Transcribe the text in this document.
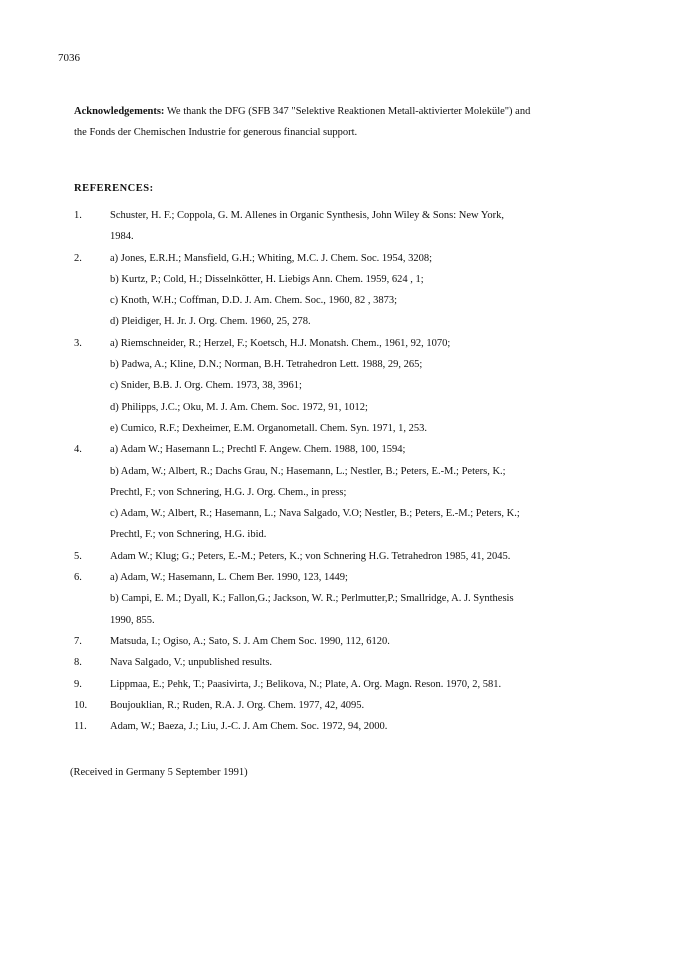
7036
Acknowledgements: We thank the DFG (SFB 347 "Selektive Reaktionen Metall-aktivierter Moleküle") and
the Fonds der Chemischen Industrie for generous financial support.
REFERENCES:
1.	Schuster, H. F.; Coppola, G. M. Allenes in Organic Synthesis, John Wiley & Sons: New York,
1984.
2.	a) Jones, E.R.H.; Mansfield, G.H.; Whiting, M.C. J. Chem. Soc. 1954, 3208;
b) Kurtz, P.; Cold, H.; Disselnkötter, H. Liebigs Ann. Chem. 1959, 624 , 1;
c) Knoth, W.H.; Coffman, D.D. J. Am. Chem. Soc., 1960, 82 , 3873;
d) Pleidiger, H. Jr. J. Org. Chem. 1960, 25, 278.
3.	a) Riemschneider, R.; Herzel, F.; Koetsch, H.J. Monatsh. Chem., 1961, 92, 1070;
b) Padwa, A.; Kline, D.N.; Norman, B.H. Tetrahedron Lett. 1988, 29, 265;
c) Snider, B.B. J. Org. Chem. 1973, 38, 3961;
d) Philipps, J.C.; Oku, M. J. Am. Chem. Soc. 1972, 91, 1012;
e) Cumico, R.F.; Dexheimer, E.M. Organometall. Chem. Syn. 1971, 1, 253.
4.	a) Adam W.; Hasemann L.; Prechtl F. Angew. Chem. 1988, 100, 1594;
b) Adam, W.; Albert, R.; Dachs Grau, N.; Hasemann, L.; Nestler, B.; Peters, E.-M.; Peters, K.;
Prechtl, F.; von Schnering, H.G. J. Org. Chem., in press;
c) Adam, W.; Albert, R.; Hasemann, L.; Nava Salgado, V.O; Nestler, B.; Peters, E.-M.; Peters, K.;
Prechtl, F.; von Schnering, H.G. ibid.
5.	Adam W.; Klug; G.; Peters, E.-M.; Peters, K.; von Schnering H.G. Tetrahedron 1985, 41, 2045.
6.	a) Adam, W.; Hasemann, L. Chem Ber. 1990, 123, 1449;
b) Campi, E. M.; Dyall, K.; Fallon,G.; Jackson, W. R.; Perlmutter,P.; Smallridge, A. J. Synthesis
1990, 855.
7.	Matsuda, I.; Ogiso, A.; Sato, S. J. Am Chem Soc. 1990, 112, 6120.
8.	Nava Salgado, V.; unpublished results.
9.	Lippmaa, E.; Pehk, T.; Paasivirta, J.; Belikova, N.; Plate, A. Org. Magn. Reson. 1970, 2, 581.
10.	Boujouklian, R.; Ruden, R.A. J. Org. Chem. 1977, 42, 4095.
11.	Adam, W.; Baeza, J.; Liu, J.-C. J. Am Chem. Soc. 1972, 94, 2000.
(Received in Germany 5 September 1991)
